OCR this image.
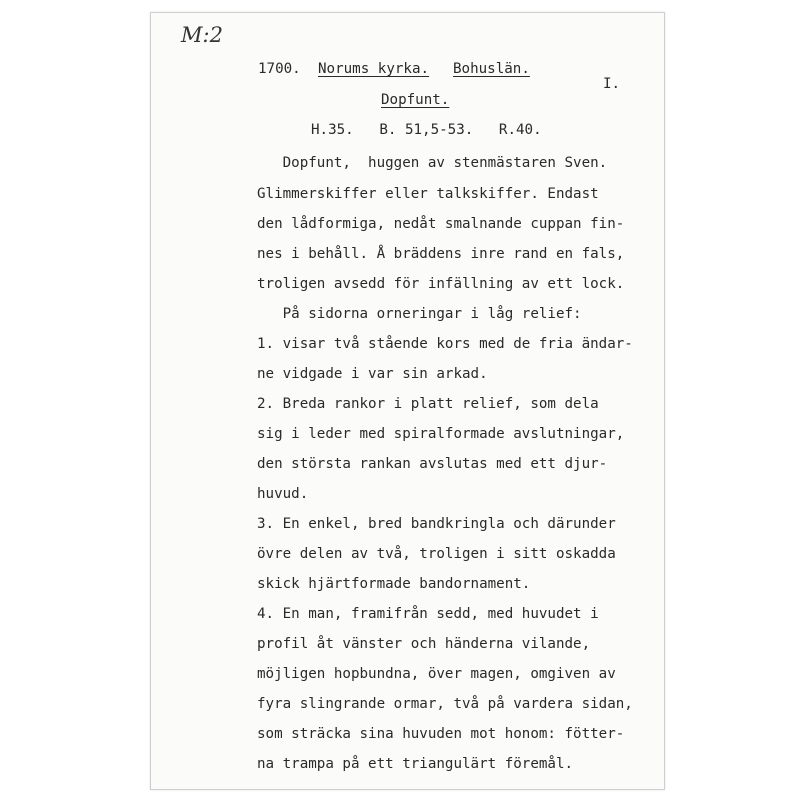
M:2
1700. Norums kyrka. Bohuslän.
I.
Dopfunt.
H.35.   B. 51,5-53.   R.40.
Dopfunt,  huggen av stenmästaren Sven.
Glimmerskiffer eller talkskiffer. Endast
den lådformiga, nedåt smalnande cuppan fin-
nes i behåll. Å bräddens inre rand en fals,
troligen avsedd för infällning av ett lock.
På sidorna orneringar i låg relief:
1. visar två stående kors med de fria ändar-
ne vidgade i var sin arkad.
2. Breda rankor i platt relief, som dela
sig i leder med spiralformade avslutningar,
den största rankan avslutas med ett djur-
huvud.
3. En enkel, bred bandkringla och därunder
övre delen av två, troligen i sitt oskadda
skick hjärtformade bandornament.
4. En man, framifrån sedd, med huvudet i
profil åt vänster och händerna vilande,
möjligen hopbundna, över magen, omgiven av
fyra slingrande ormar, två på vardera sidan,
som sträcka sina huvuden mot honom: fötter-
na trampa på ett triangulärt föremål.
